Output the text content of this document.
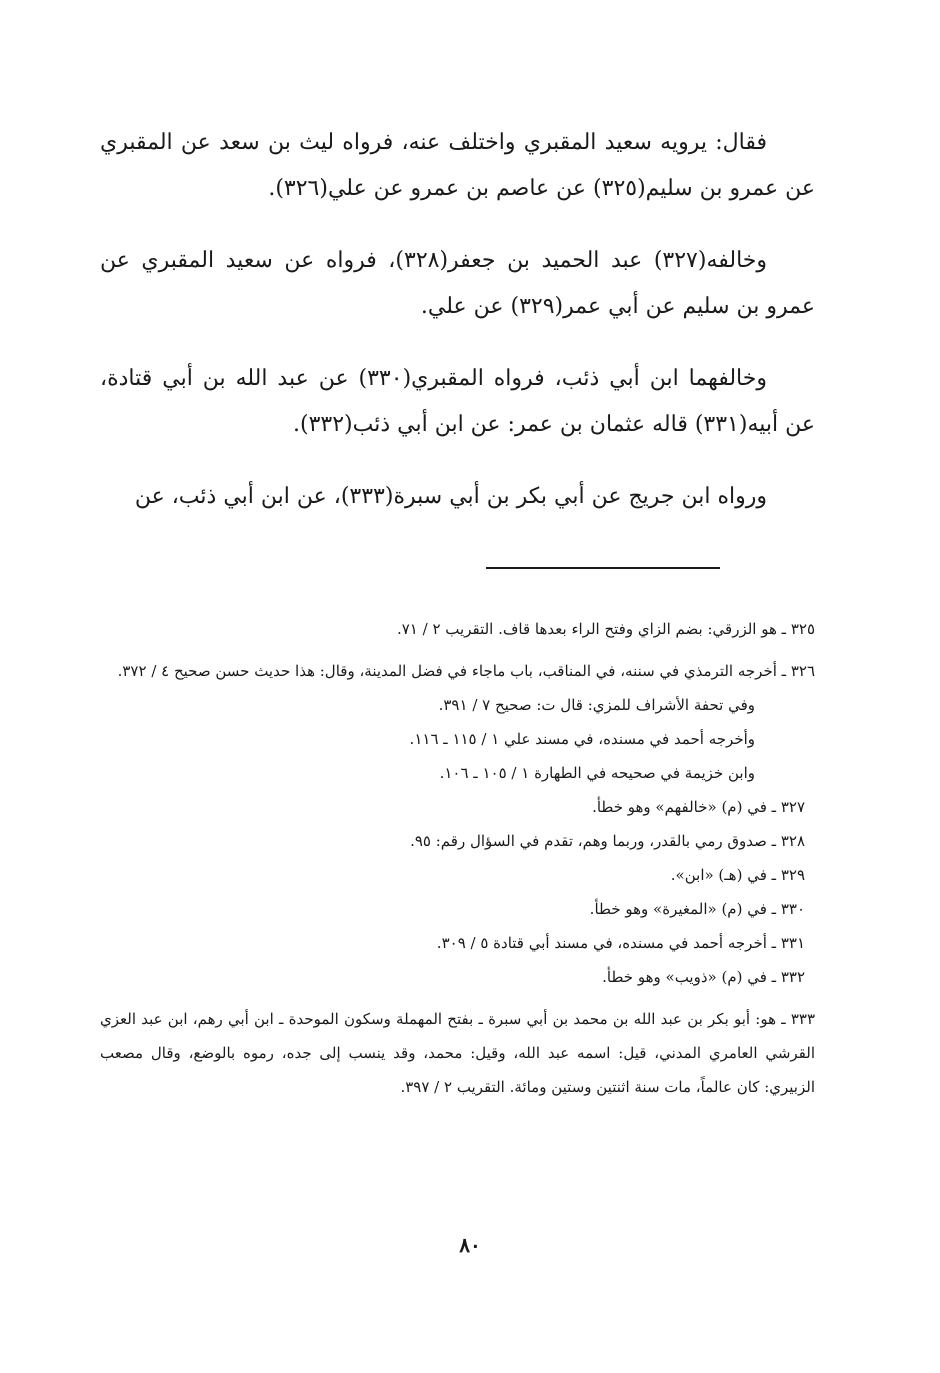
فقال: يرويه سعيد المقبري واختلف عنه، فرواه ليث بن سعد عن المقبري عن عمرو بن سليم(٣٢٥) عن عاصم بن عمرو عن علي(٣٢٦).

وخالفه(٣٢٧) عبد الحميد بن جعفر(٣٢٨)، فرواه عن سعيد المقبري عن عمرو بن سليم عن أبي عمر(٣٢٩) عن علي.

وخالفهما ابن أبي ذئب، فرواه المقبري(٣٣٠) عن عبد الله بن أبي قتادة، عن أبيه(٣٣١) قاله عثمان بن عمر: عن ابن أبي ذئب(٣٣٢).

ورواه ابن جريج عن أبي بكر بن أبي سبرة(٣٣٣)، عن ابن أبي ذئب، عن

٣٢٥ ـ هو الزرقي: بضم الزاي وفتح الراء بعدها قاف. التقريب ٢ / ٧١.

٣٢٦ ـ أخرجه الترمذي في سننه، في المناقب، باب ماجاء في فضل المدينة، وقال: هذا حديث حسن صحيح ٤ / ٣٧٢.

وفي تحفة الأشراف للمزي: قال ت: صحيح ٧ / ٣٩١.

وأخرجه أحمد في مسنده، في مسند علي ١ / ١١٥ ـ ١١٦.

وابن خزيمة في صحيحه في الطهارة ١ / ١٠٥ ـ ١٠٦.

٣٢٧ ـ في (م) «خالفهم» وهو خطأ.

٣٢٨ ـ صدوق رمي بالقدر، وربما وهم، تقدم في السؤال رقم: ٩٥.

٣٢٩ ـ في (هـ) «ابن».

٣٣٠ ـ في (م) «المغيرة» وهو خطأ.

٣٣١ ـ أخرجه أحمد في مسنده، في مسند أبي قتادة ٥ / ٣٠٩.

٣٣٢ ـ في (م) «ذويب» وهو خطأ.

٣٣٣ ـ هو: أبو بكر بن عبد الله بن محمد بن أبي سبرة ـ بفتح المهملة وسكون الموحدة ـ ابن أبي رهم، ابن عبد العزي القرشي العامري المدني، قيل: اسمه عبد الله، وقيل: محمد، وقد ينسب إلى جده، رموه بالوضع، وقال مصعب الزبيري: كان عالماً، مات سنة اثنتين وستين ومائة. التقريب ٢ / ٣٩٧.

٨٠
